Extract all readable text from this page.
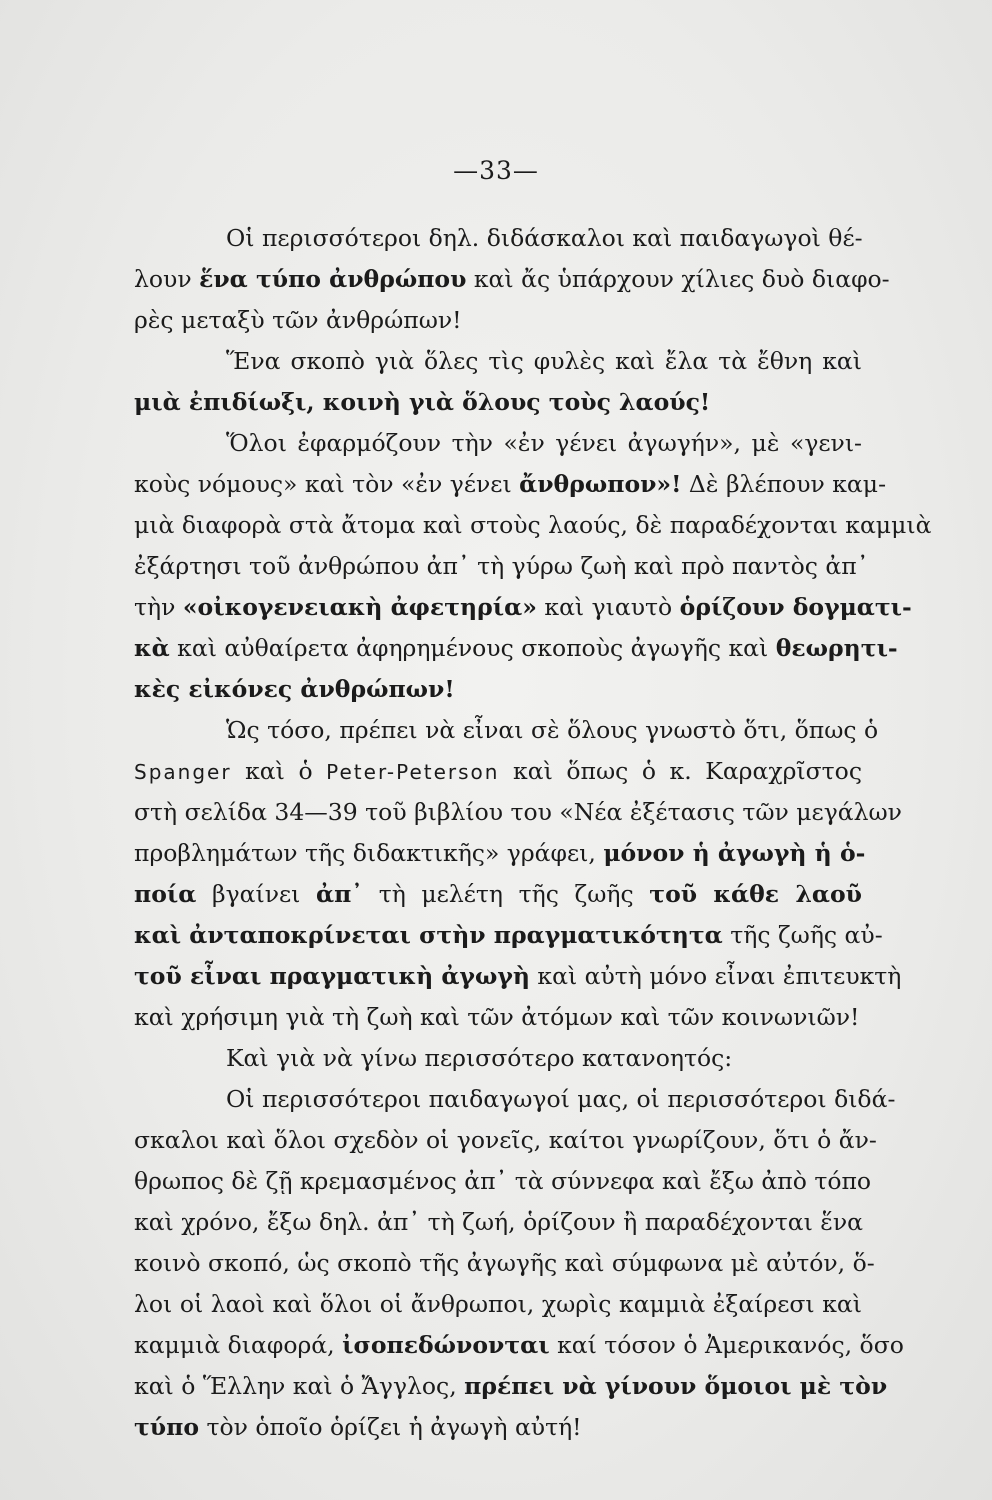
—33—
Οἱ περισσότεροι δηλ. διδάσκαλοι καὶ παιδαγωγοὶ θέ-
λουν ἕνα τύπο ἀνθρώπου καὶ ἄς ὑπάρχουν χίλιες δυὸ διαφο-
ρὲς μεταξὺ τῶν ἀνθρώπων!
Ἕνα σκοπὸ γιὰ ὅλες τὶς φυλὲς καὶ ἔλα τὰ ἔθνη καὶ
μιὰ ἐπιδίωξι, κοινὴ γιὰ ὅλους τοὺς λαούς!
Ὅλοι ἐφαρμόζουν τὴν «ἐν γένει ἀγωγήν», μὲ «γενι-
κοὺς νόμους» καὶ τὸν «ἐν γένει ἄνθρωπον»! Δὲ βλέπουν καμ-
μιὰ διαφορὰ στὰ ἄτομα καὶ στοὺς λαούς, δὲ παραδέχονται καμμιὰ
ἐξάρτησι τοῦ ἀνθρώπου ἀπ᾽ τὴ γύρω ζωὴ καὶ πρὸ παντὸς ἀπ᾽
τὴν «οἰκογενειακὴ ἀφετηρία» καὶ γιαυτὸ ὁρίζουν δογματι-
κὰ καὶ αὐθαίρετα ἀφηρημένους σκοποὺς ἀγωγῆς καὶ θεωρητι-
κὲς εἰκόνες ἀνθρώπων!
Ὡς τόσο, πρέπει νὰ εἶναι σὲ ὅλους γνωστὸ ὅτι, ὅπως ὁ
Spanger καὶ ὁ Peter-Peterson καὶ ὅπως ὁ κ. Καραχρῖστος
στὴ σελίδα 34—39 τοῦ βιβλίου του «Νέα ἐξέτασις τῶν μεγάλων
προβλημάτων τῆς διδακτικῆς» γράφει, μόνον ἡ ἀγωγὴ ἡ ὁ-
ποία βγαίνει ἀπ᾽ τὴ μελέτη τῆς ζωῆς τοῦ κάθε λαοῦ
καὶ ἀνταποκρίνεται στὴν πραγματικότητα τῆς ζωῆς αὐ-
τοῦ εἶναι πραγματικὴ ἀγωγὴ καὶ αὐτὴ μόνο εἶναι ἐπιτευκτὴ
καὶ χρήσιμη γιὰ τὴ ζωὴ καὶ τῶν ἀτόμων καὶ τῶν κοινωνιῶν!
Καὶ γιὰ νὰ γίνω περισσότερο κατανοητός:
Οἱ περισσότεροι παιδαγωγοί μας, οἱ περισσότεροι διδά-
σκαλοι καὶ ὅλοι σχεδὸν οἱ γονεῖς, καίτοι γνωρίζουν, ὅτι ὁ ἄν-
θρωπος δὲ ζῇ κρεμασμένος ἀπ᾽ τὰ σύννεφα καὶ ἔξω ἀπὸ τόπο
καὶ χρόνο, ἔξω δηλ. ἀπ᾽ τὴ ζωή, ὁρίζουν ἢ παραδέχονται ἕνα
κοινὸ σκοπό, ὡς σκοπὸ τῆς ἀγωγῆς καὶ σύμφωνα μὲ αὐτόν, ὅ-
λοι οἱ λαοὶ καὶ ὅλοι οἱ ἄνθρωποι, χωρὶς καμμιὰ ἐξαίρεσι καὶ
καμμιὰ διαφορά, ἰσοπεδώνονται καί τόσον ὁ Ἀμερικανός, ὅσο
καὶ ὁ Ἕλλην καὶ ὁ Ἄγγλος, πρέπει νὰ γίνουν ὅμοιοι μὲ τὸν
τύπο τὸν ὁποῖο ὁρίζει ἡ ἀγωγὴ αὐτή!
